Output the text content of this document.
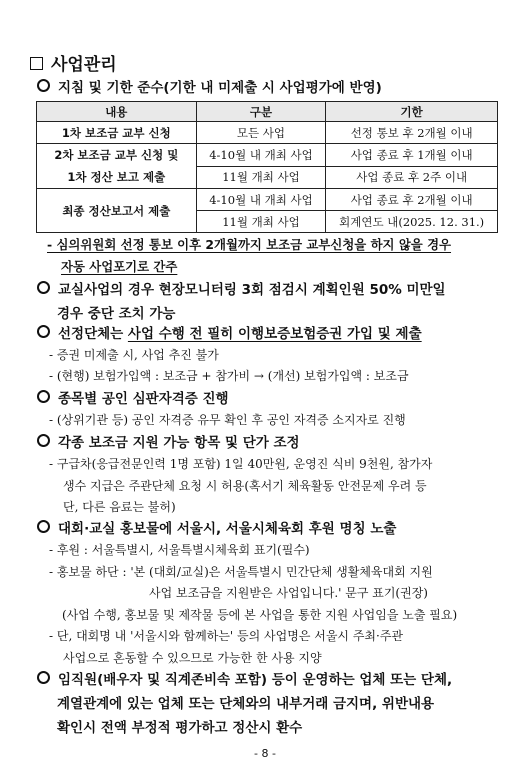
사업관리
지침 및 기한 준수(기한 내 미제출 시 사업평가에 반영)
내용	구분	기한
1차 보조금 교부 신청	모든 사업	선정 통보 후 2개월 이내

2차 보조금 교부 신청 및
1차 정산 보고 제출	4-10월 내 개최 사업	사업 종료 후 1개월 이내
	11월 개최 사업	사업 종료 후 2주 이내
최종 정산보고서 제출	4-10월 내 개최 사업	사업 종료 후 2개월 이내
	11월 개최 사업	회계연도 내(2025. 12. 31.)
- 심의위원회 선정 통보 이후 2개월까지 보조금 교부신청을 하지 않을 경우
자동 사업포기로 간주
교실사업의 경우 현장모니터링 3회 점검시 계획인원 50% 미만일
경우 중단 조치 가능
선정단체는 사업 수행 전 필히 이행보증보험증권 가입 및 제출
- 증권 미제출 시, 사업 추진 불가
- (현행) 보험가입액 : 보조금 + 참가비 → (개선) 보험가입액 : 보조금
종목별 공인 심판자격증 진행
- (상위기관 등) 공인 자격증 유무 확인 후 공인 자격증 소지자로 진행
각종 보조금 지원 가능 항목 및 단가 조정
- 구급차(응급전문인력 1명 포함) 1일 40만원, 운영진 식비 9천원, 참가자
생수 지급은 주관단체 요청 시 허용(혹서기 체육활동 안전문제 우려 등
단, 다른 음료는 불허)
대회·교실 홍보물에 서울시, 서울시체육회 후원 명칭 노출
- 후원 : 서울특별시, 서울특별시체육회 표기(필수)
- 홍보물 하단 : '본 (대회/교실)은 서울특별시 민간단체 생활체육대회 지원
사업 보조금을 지원받은 사업입니다.' 문구 표기(권장)
(사업 수행, 홍보물 및 제작물 등에 본 사업을 통한 지원 사업임을 노출 필요)
- 단, 대회명 내 '서울시와 함께하는' 등의 사업명은 서울시 주최·주관
사업으로 혼동할 수 있으므로 가능한 한 사용 지양
임직원(배우자 및 직계존비속 포함) 등이 운영하는 업체 또는 단체,
계열관계에 있는 업체 또는 단체와의 내부거래 금지며, 위반내용
확인시 전액 부정적 평가하고 정산시 환수
- 8 -
